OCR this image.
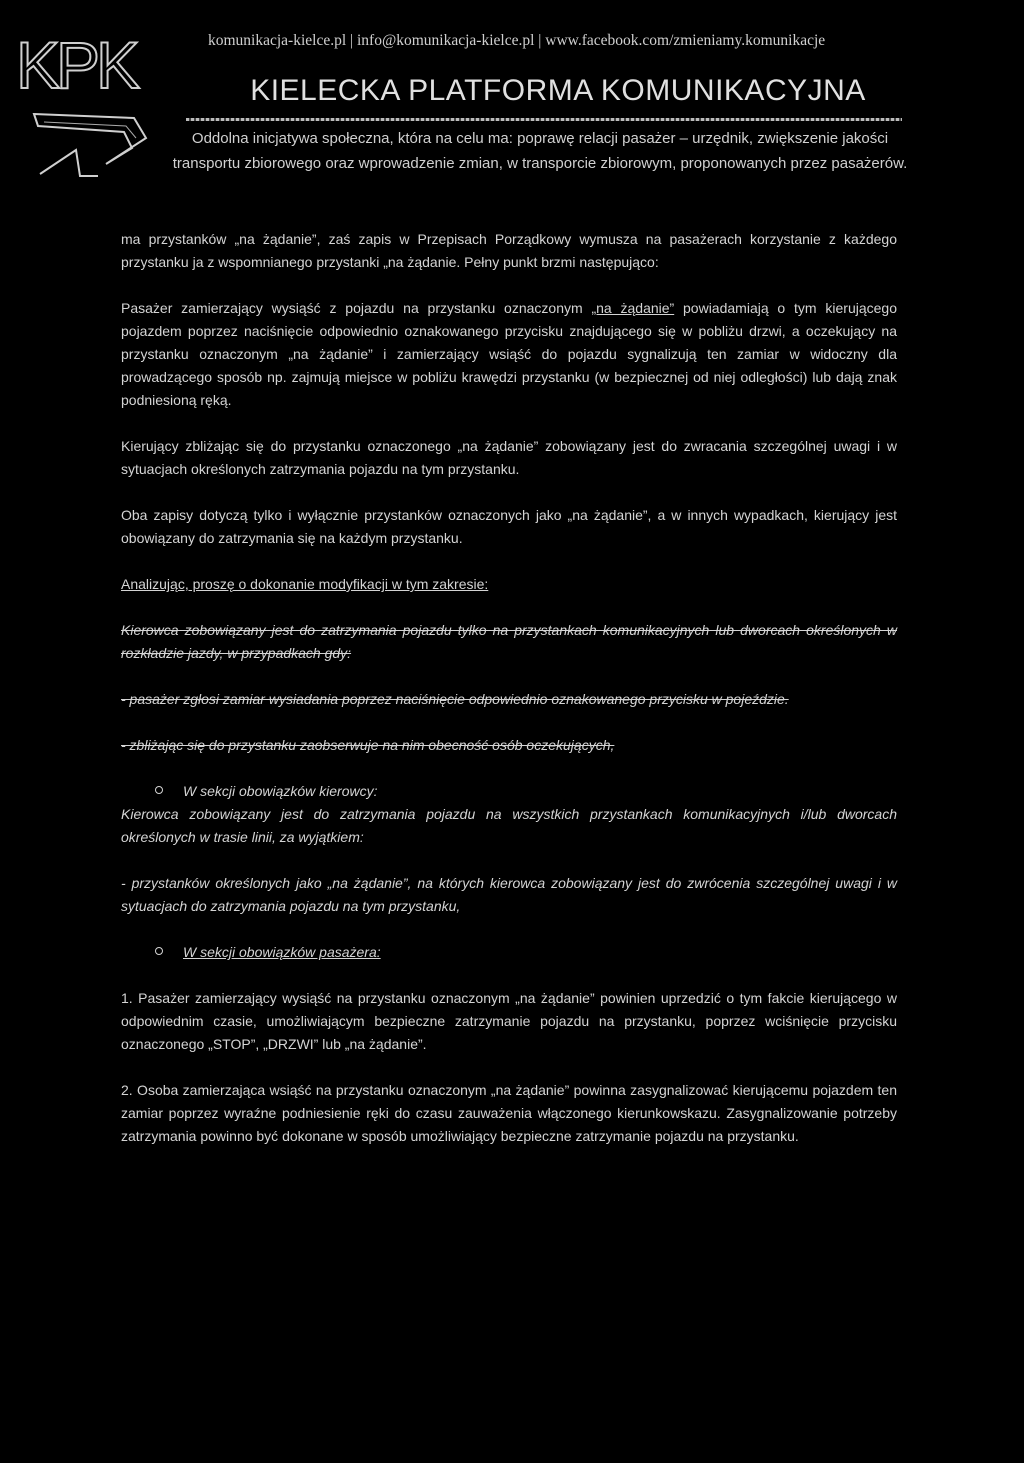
KPK	komunikacja-kielce.pl | info@komunikacja-kielce.pl | www.facebook.com/zmieniamy.komunikacje
KIELECKA PLATFORMA KOMUNIKACYJNA
Oddolna inicjatywa społeczna, która na celu ma: poprawę relacji pasażer – urzędnik, zwiększenie jakości transportu zbiorowego oraz wprowadzenie zmian, w transporcie zbiorowym, proponowanych przez pasażerów.

ma przystanków „na żądanie”, zaś zapis w Przepisach Porządkowy wymusza na pasażerach korzystanie z każdego przystanku ja z wspomnianego przystanki „na żądanie. Pełny punkt brzmi następująco:

Pasażer zamierzający wysiąść z pojazdu na przystanku oznaczonym „na żądanie” powiadamiają o tym kierującego pojazdem poprzez naciśnięcie odpowiednio oznakowanego przycisku znajdującego się w pobliżu drzwi, a oczekujący na przystanku oznaczonym „na żądanie” i zamierzający wsiąść do pojazdu sygnalizują ten zamiar w widoczny dla prowadzącego sposób np. zajmują miejsce w pobliżu krawędzi przystanku (w bezpiecznej od niej odległości) lub dają znak podniesioną ręką.

Kierujący zbliżając się do przystanku oznaczonego „na żądanie” zobowiązany jest do zwracania szczególnej uwagi i w sytuacjach określonych zatrzymania pojazdu na tym przystanku.

Oba zapisy dotyczą tylko i wyłącznie przystanków oznaczonych jako „na żądanie”, a w innych wypadkach, kierujący jest obowiązany do zatrzymania się na każdym przystanku.

Analizując, proszę o dokonanie modyfikacji w tym zakresie:

Kierowca zobowiązany jest do zatrzymania pojazdu tylko na przystankach komunikacyjnych lub dworcach określonych w rozkładzie jazdy, w przypadkach gdy:

- pasażer zgłosi zamiar wysiadania poprzez naciśnięcie odpowiednio oznakowanego przycisku w pojeździe.

- zbliżając się do przystanku zaobserwuje na nim obecność osób oczekujących,

W sekcji obowiązków kierowcy:

Kierowca zobowiązany jest do zatrzymania pojazdu na wszystkich przystankach komunikacyjnych i/lub dworcach określonych w trasie linii, za wyjątkiem:

- przystanków określonych jako „na żądanie”, na których kierowca zobowiązany jest do zwrócenia szczególnej uwagi i w sytuacjach do zatrzymania pojazdu na tym przystanku,

W sekcji obowiązków pasażera:

1. Pasażer zamierzający wysiąść na przystanku oznaczonym „na żądanie” powinien uprzedzić o tym fakcie kierującego w odpowiednim czasie, umożliwiającym bezpieczne zatrzymanie pojazdu na przystanku, poprzez wciśnięcie przycisku oznaczonego „STOP”, „DRZWI” lub „na żądanie”.

2. Osoba zamierzająca wsiąść na przystanku oznaczonym „na żądanie” powinna zasygnalizować kierującemu pojazdem ten zamiar poprzez wyraźne podniesienie ręki do czasu zauważenia włączonego kierunkowskazu. Zasygnalizowanie potrzeby zatrzymania powinno być dokonane w sposób umożliwiający bezpieczne zatrzymanie pojazdu na przystanku.
